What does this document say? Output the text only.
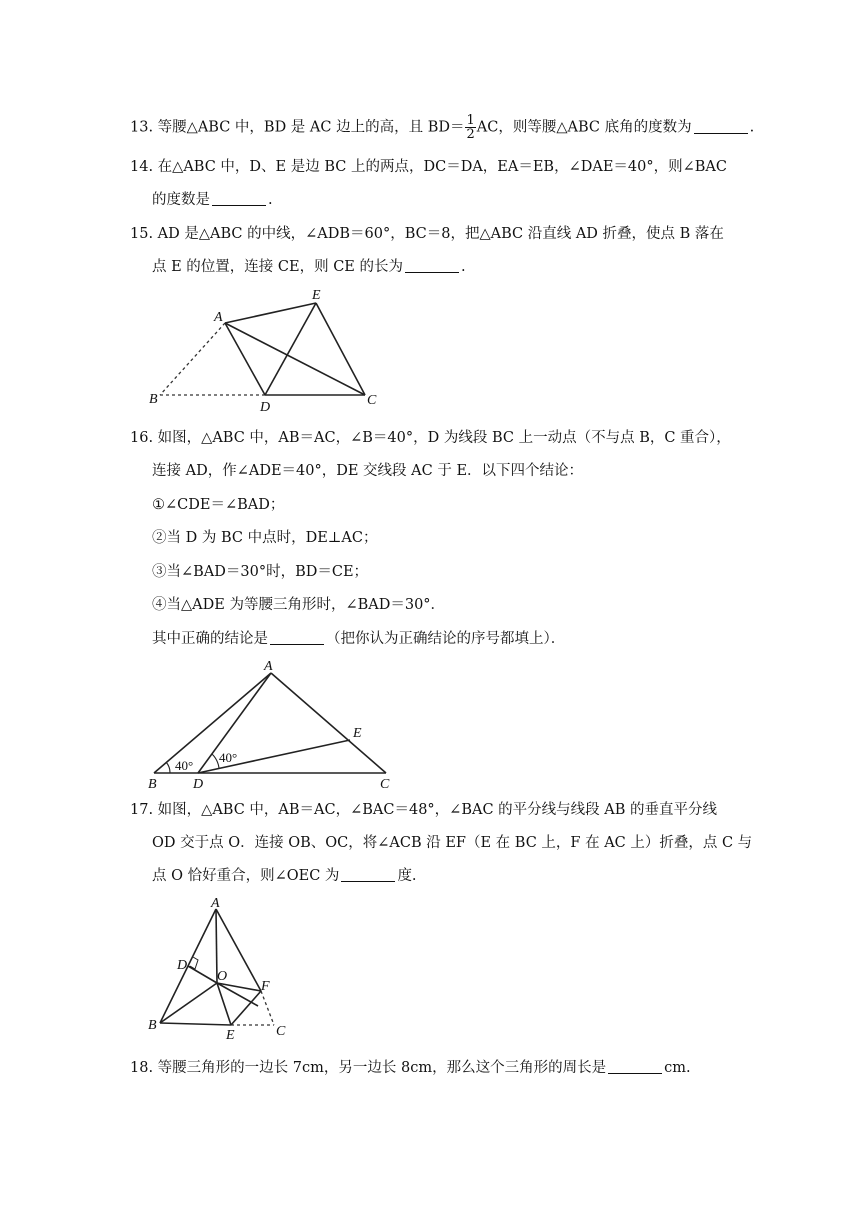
13. 等腰△ABC 中，BD 是 AC 边上的高，且 $BD= \frac{1}{2}$ AC，则等腰△ABC 底角的度数为	.
14. 在△ABC 中，D、E 是边 BC 上的两点，DC＝DA，EA＝EB，∠DAE＝40°，则∠BAC
的度数是	.
15. AD 是△ABC 的中线，∠ADB＝60°，BC＝8，把△ABC 沿直线 AD 折叠，使点 B 落在
点 E 的位置，连接 CE，则 CE 的长为	.
A
E
B
D	C
16. 如图，△ABC 中，AB＝AC，∠B＝40°，D 为线段 BC 上一动点（不与点 B，C 重合），
连接 AD，作∠ADE＝40°，DE 交线段 AC 于 E．以下四个结论：
①∠CDE＝∠BAD；
②当 D 为 BC 中点时，DE⊥AC；
③当∠BAD＝30°时，BD＝CE；
④当△ADE 为等腰三角形时，∠BAD＝30°．
其中正确的结论是	（把你认为正确结论的序号都填上）．
A
B	D	C
E
40°
40°
17. 如图，△ABC 中，AB＝AC，∠BAC＝48°，∠BAC 的平分线与线段 AB 的垂直平分线
OD 交于点 O．连接 OB、OC，将∠ACB 沿 EF（E 在 BC 上，F 在 AC 上）折叠，点 C 与
点 O 恰好重合，则∠OEC 为	度.
A
D
O
F
B
E	C
18. 等腰三角形的一边长 7cm，另一边长 8cm，那么这个三角形的周长是	cm.
